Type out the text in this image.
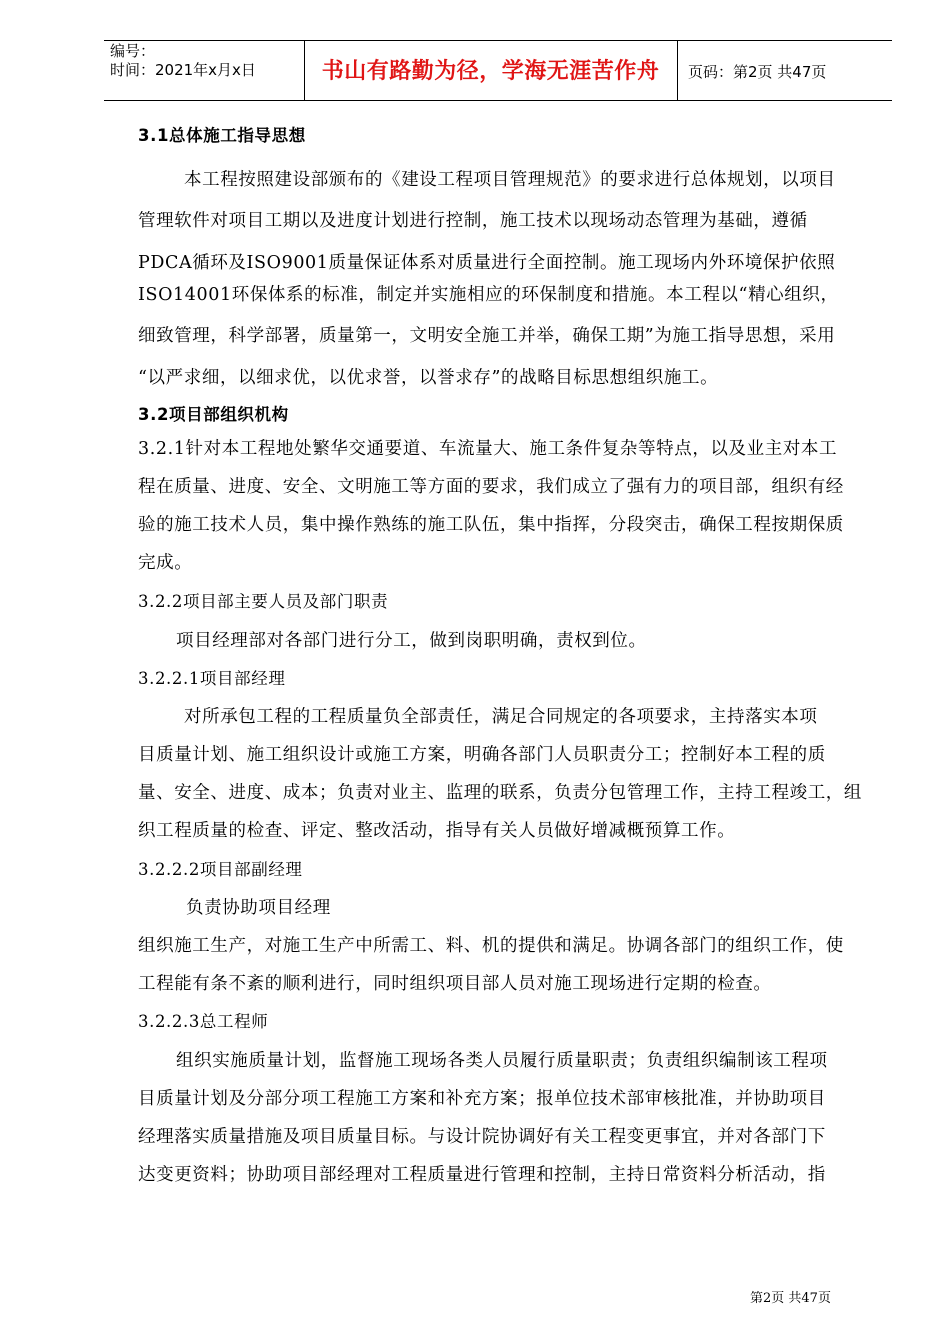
编号：
时间：2021年x月x日	书山有路勤为径，学海无涯苦作舟	页码：第2页 共47页
3.1总体施工指导思想
本工程按照建设部颁布的《建设工程项目管理规范》的要求进行总体规划，以项目
管理软件对项目工期以及进度计划进行控制，施工技术以现场动态管理为基础，遵循
PDCA循环及ISO9001质量保证体系对质量进行全面控制。施工现场内外环境保护依照
ISO14001环保体系的标准，制定并实施相应的环保制度和措施。本工程以“精心组织，
细致管理，科学部署，质量第一，文明安全施工并举，确保工期”为施工指导思想，采用
“以严求细，以细求优，以优求誉，以誉求存”的战略目标思想组织施工。
3.2项目部组织机构
3.2.1针对本工程地处繁华交通要道、车流量大、施工条件复杂等特点，以及业主对本工
程在质量、进度、安全、文明施工等方面的要求，我们成立了强有力的项目部，组织有经
验的施工技术人员，集中操作熟练的施工队伍，集中指挥，分段突击，确保工程按期保质
完成。
3.2.2项目部主要人员及部门职责
项目经理部对各部门进行分工，做到岗职明确，责权到位。
3.2.2.1项目部经理
对所承包工程的工程质量负全部责任，满足合同规定的各项要求，主持落实本项
目质量计划、施工组织设计或施工方案，明确各部门人员职责分工；控制好本工程的质
量、安全、进度、成本；负责对业主、监理的联系，负责分包管理工作，主持工程竣工，组
织工程质量的检查、评定、整改活动，指导有关人员做好增减概预算工作。
3.2.2.2项目部副经理
负责协助项目经理
组织施工生产，对施工生产中所需工、料、机的提供和满足。协调各部门的组织工作，使
工程能有条不紊的顺利进行，同时组织项目部人员对施工现场进行定期的检查。
3.2.2.3总工程师
组织实施质量计划，监督施工现场各类人员履行质量职责；负责组织编制该工程项
目质量计划及分部分项工程施工方案和补充方案；报单位技术部审核批准，并协助项目
经理落实质量措施及项目质量目标。与设计院协调好有关工程变更事宜，并对各部门下
达变更资料；协助项目部经理对工程质量进行管理和控制，主持日常资料分析活动，指
第2页 共47页
